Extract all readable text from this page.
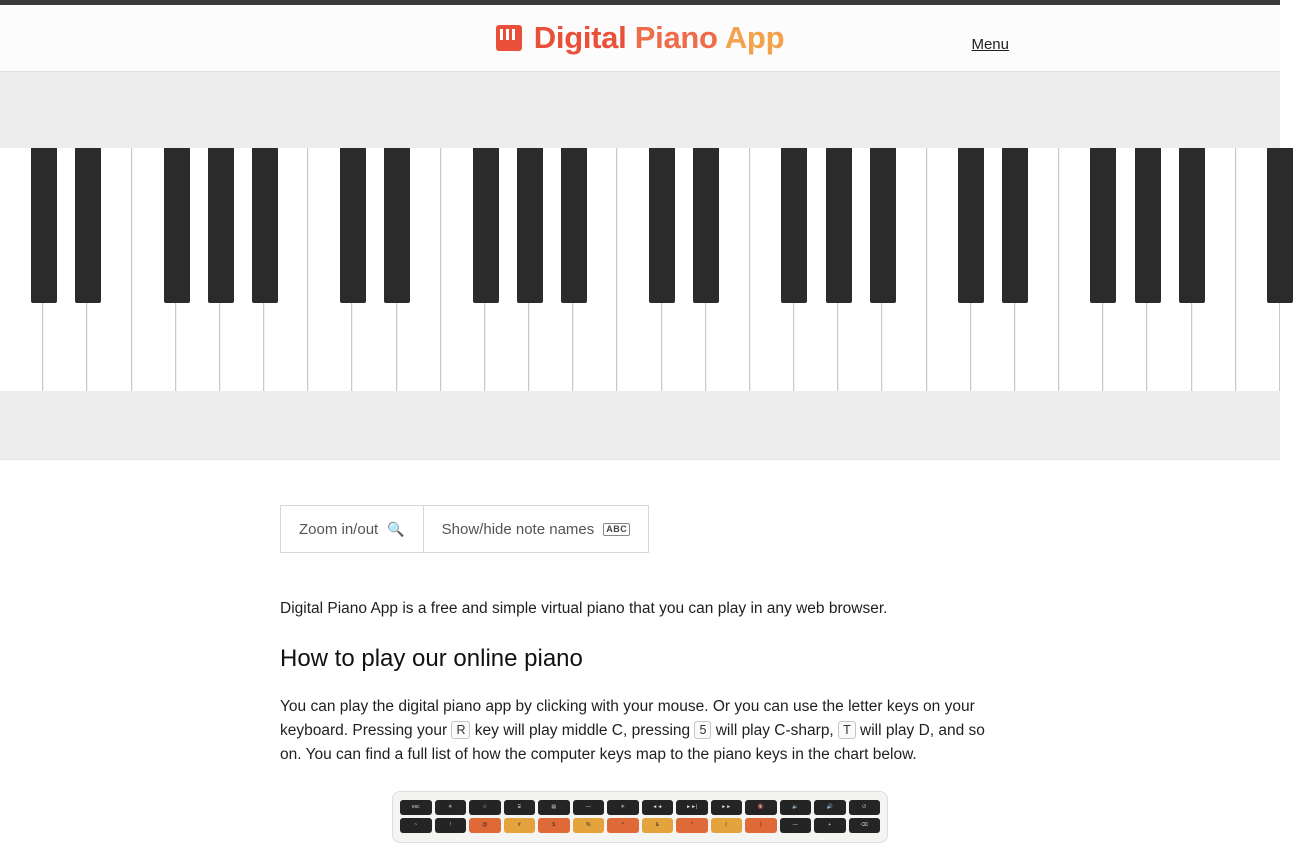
Digital Piano App	Menu
Zoom in/out 🔍 Show/hide note names	ABC

Digital Piano App is a free and simple virtual piano that you can play in any web browser.

How to play our online piano

You can play the digital piano app by clicking with your mouse. Or you can use the letter keys on your keyboard. Pressing your R key will play middle C, pressing 5 will play C-sharp, T will play D, and so on. You can find a full list of how the computer keys map to the piano keys in the chart below.

esc	☀	☆	⌸	▤	—	☀	◄◄	►►|	►►	🔇	🔉	🔊	⏻
~	!	@	#	$	%	^	&	*	(	)	—	+	⌫
